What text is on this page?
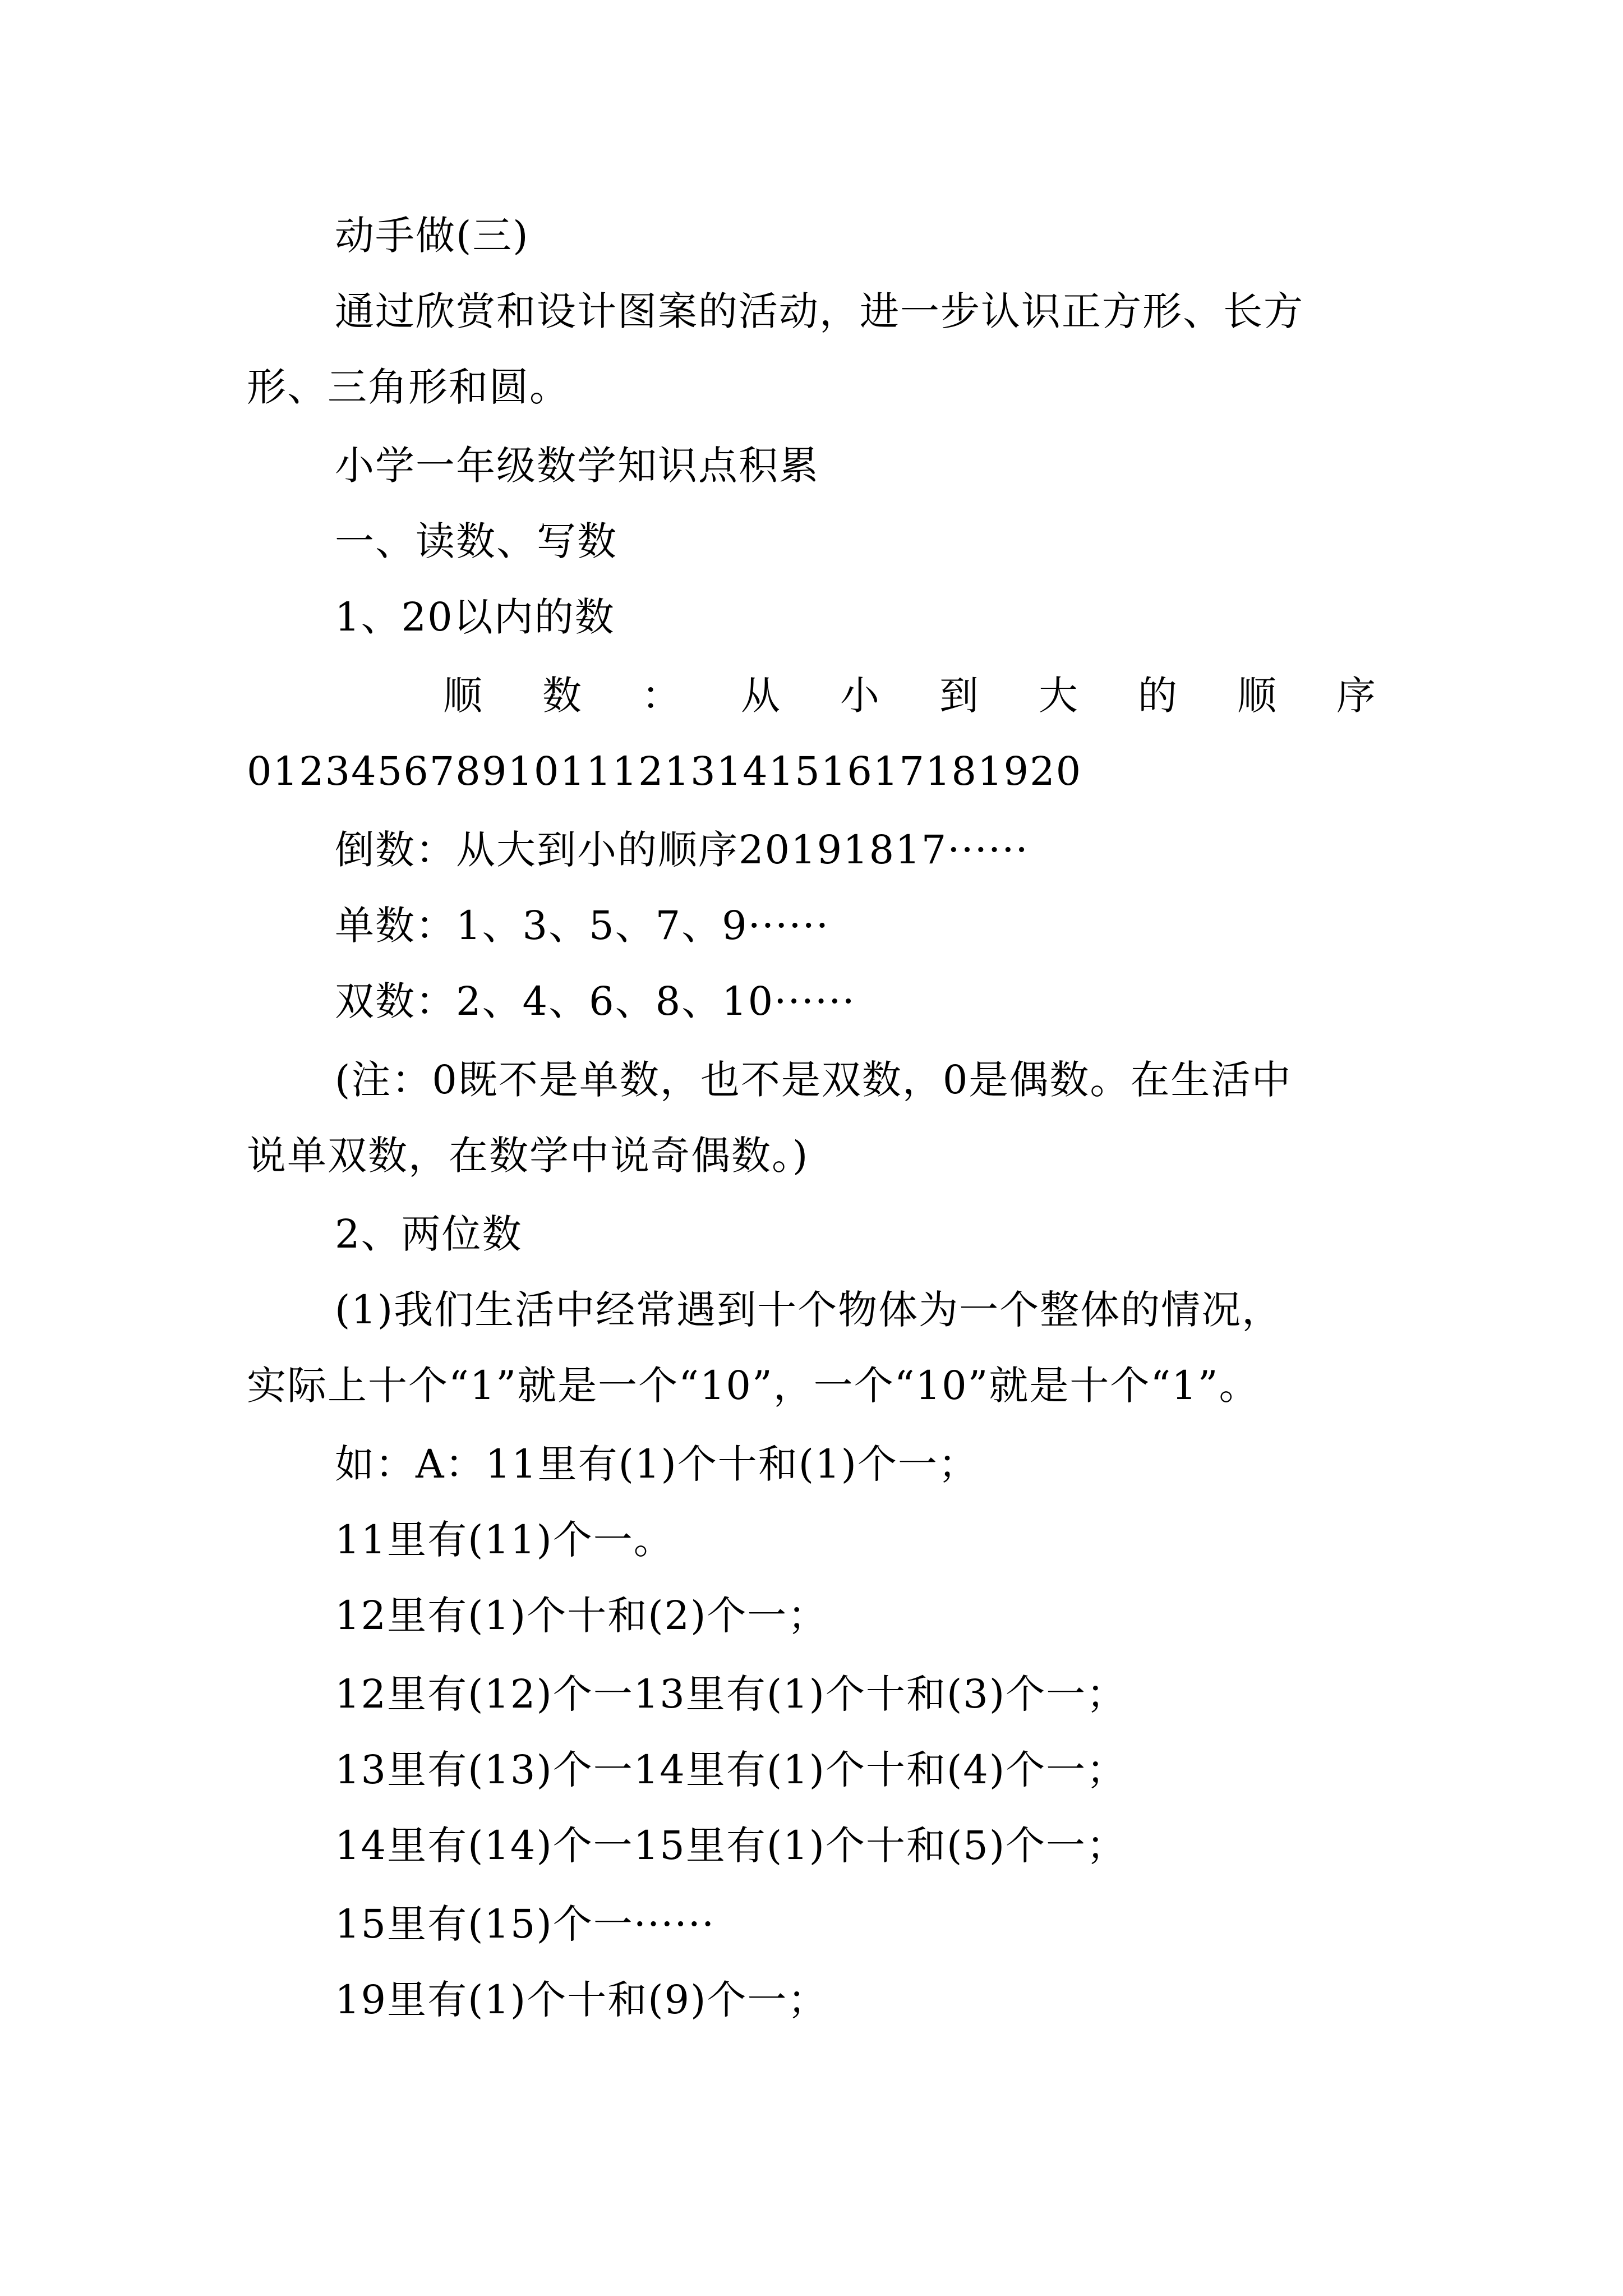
动手做(三)
通过欣赏和设计图案的活动，进一步认识正方形、长方
形、三角形和圆。
小学一年级数学知识点积累
一、读数、写数
1、20以内的数
顺 数 ： 从 小 到 大 的 顺 序
01234567891011121314151617181920
倒数：从大到小的顺序20191817······
单数：1、3、5、7、9······
双数：2、4、6、8、10······
(注：0既不是单数，也不是双数，0是偶数。在生活中
说单双数，在数学中说奇偶数。)
2、两位数
(1)我们生活中经常遇到十个物体为一个整体的情况，
实际上十个“1”就是一个“10”，一个“10”就是十个“1”。
如：A：11里有(1)个十和(1)个一；
11里有(11)个一。
12里有(1)个十和(2)个一；
12里有(12)个一13里有(1)个十和(3)个一；
13里有(13)个一14里有(1)个十和(4)个一；
14里有(14)个一15里有(1)个十和(5)个一；
15里有(15)个一······
19里有(1)个十和(9)个一；
